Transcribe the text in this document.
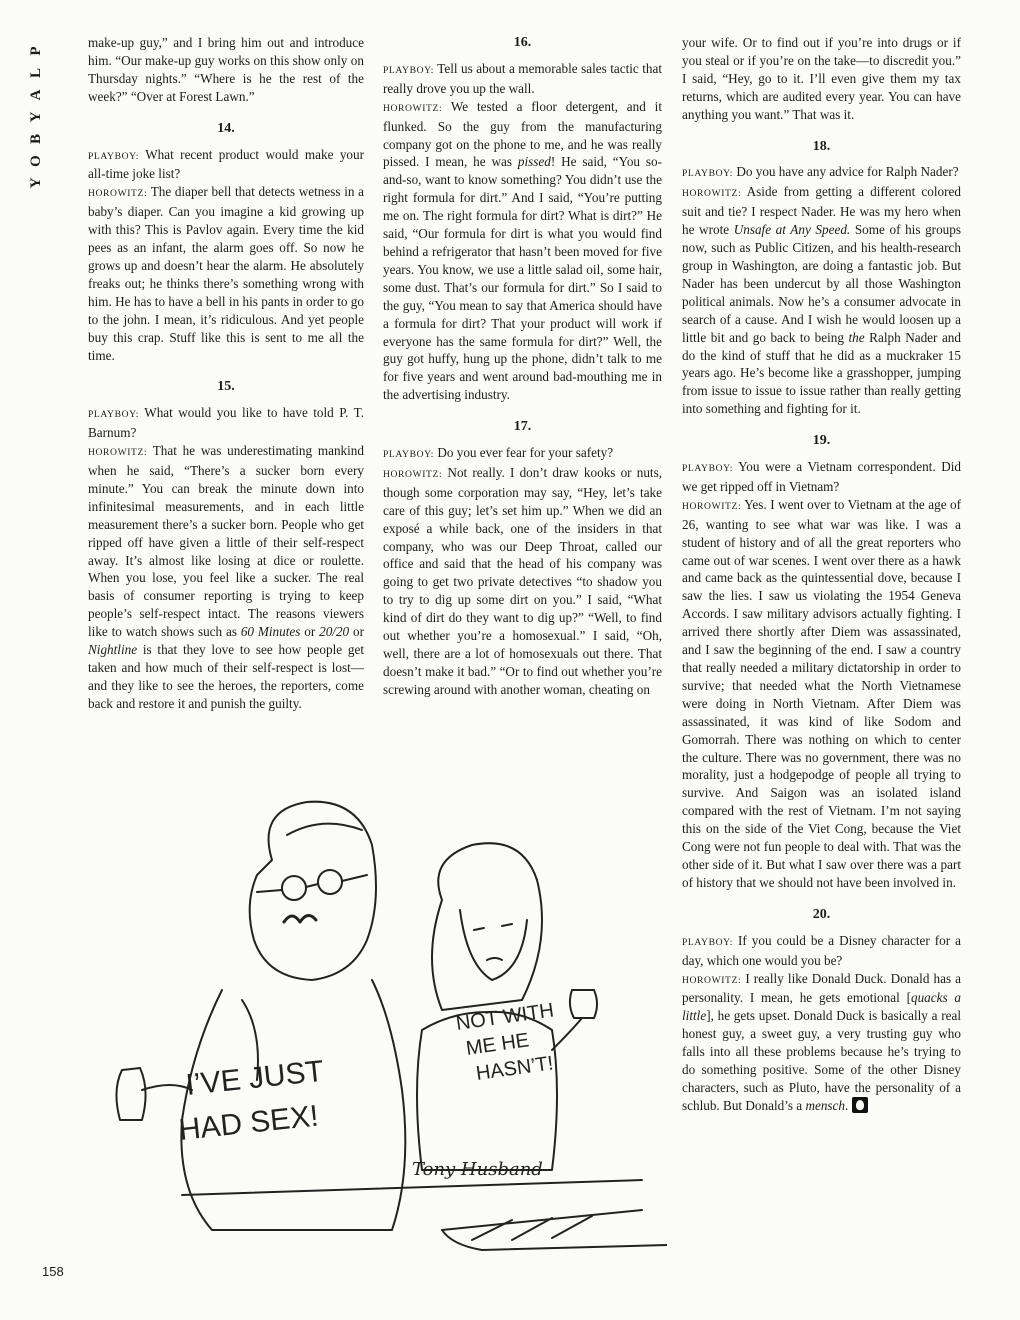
P
L
A
Y
B
O
Y

make-up guy,” and I bring him out and introduce him. “Our make-up guy works on this show only on Thursday nights.” “Where is he the rest of the week?” “Over at Forest Lawn.”

14.

PLAYBOY: What recent product would make your all-time joke list?

HOROWITZ: The diaper bell that detects wetness in a baby’s diaper. Can you imagine a kid growing up with this? This is Pavlov again. Every time the kid pees as an infant, the alarm goes off. So now he grows up and doesn’t hear the alarm. He absolutely freaks out; he thinks there’s something wrong with him. He has to have a bell in his pants in order to go to the john. I mean, it’s ridiculous. And yet people buy this crap. Stuff like this is sent to me all the time.

15.

PLAYBOY: What would you like to have told P. T. Barnum?

HOROWITZ: That he was underestimating mankind when he said, “There’s a sucker born every minute.” You can break the minute down into infinitesimal measurements, and in each little measurement there’s a sucker born. People who get ripped off have given a little of their self-respect away. It’s almost like losing at dice or roulette. When you lose, you feel like a sucker. The real basis of consumer reporting is trying to keep people’s self-respect intact. The reasons viewers like to watch shows such as 60 Minutes or 20/20 or Nightline is that they love to see how people get taken and how much of their self-respect is lost—and they like to see the heroes, the reporters, come back and restore it and punish the guilty.

16.

PLAYBOY: Tell us about a memorable sales tactic that really drove you up the wall.

HOROWITZ: We tested a floor detergent, and it flunked. So the guy from the manufacturing company got on the phone to me, and he was really pissed. I mean, he was pissed! He said, “You so-and-so, want to know something? You didn’t use the right formula for dirt.” And I said, “You’re putting me on. The right formula for dirt? What is dirt?” He said, “Our formula for dirt is what you would find behind a refrigerator that hasn’t been moved for five years. You know, we use a little salad oil, some hair, some dust. That’s our formula for dirt.” So I said to the guy, “You mean to say that America should have a formula for dirt? That your product will work if everyone has the same formula for dirt?” Well, the guy got huffy, hung up the phone, didn’t talk to me for five years and went around bad-mouthing me in the advertising industry.

17.

PLAYBOY: Do you ever fear for your safety?

HOROWITZ: Not really. I don’t draw kooks or nuts, though some corporation may say, “Hey, let’s take care of this guy; let’s set him up.” When we did an exposé a while back, one of the insiders in that company, who was our Deep Throat, called our office and said that the head of his company was going to get two private detectives “to shadow you to try to dig up some dirt on you.” I said, “What kind of dirt do they want to dig up?” “Well, to find out whether you’re a homosexual.” I said, “Oh, well, there are a lot of homosexuals out there. That doesn’t make it bad.” “Or to find out whether you’re screwing around with another woman, cheating on

your wife. Or to find out if you’re into drugs or if you steal or if you’re on the take—to discredit you.” I said, “Hey, go to it. I’ll even give them my tax returns, which are audited every year. You can have anything you want.” That was it.

18.

PLAYBOY: Do you have any advice for Ralph Nader?

HOROWITZ: Aside from getting a different colored suit and tie? I respect Nader. He was my hero when he wrote Unsafe at Any Speed. Some of his groups now, such as Public Citizen, and his health-research group in Washington, are doing a fantastic job. But Nader has been undercut by all those Washington political animals. Now he’s a consumer advocate in search of a cause. And I wish he would loosen up a little bit and go back to being the Ralph Nader and do the kind of stuff that he did as a muckraker 15 years ago. He’s become like a grasshopper, jumping from issue to issue to issue rather than really getting into something and fighting for it.

19.

PLAYBOY: You were a Vietnam correspondent. Did we get ripped off in Vietnam?

HOROWITZ: Yes. I went over to Vietnam at the age of 26, wanting to see what war was like. I was a student of history and of all the great reporters who came out of war scenes. I went over there as a hawk and came back as the quintessential dove, because I saw the lies. I saw us violating the 1954 Geneva Accords. I saw military advisors actually fighting. I arrived there shortly after Diem was assassinated, and I saw the beginning of the end. I saw a country that really needed a military dictatorship in order to survive; that needed what the North Vietnamese were doing in North Vietnam. After Diem was assassinated, it was kind of like Sodom and Gomorrah. There was nothing on which to center the culture. There was no government, there was no morality, just a hodgepodge of people all trying to survive. And Saigon was an isolated island compared with the rest of Vietnam. I’m not saying this on the side of the Viet Cong, because the Viet Cong were not fun people to deal with. That was the other side of it. But what I saw over there was a part of history that we should not have been involved in.

20.

PLAYBOY: If you could be a Disney character for a day, which one would you be?

HOROWITZ: I really like Donald Duck. Donald has a personality. I mean, he gets emotional [quacks a little], he gets upset. Donald Duck is basically a real honest guy, a sweet guy, a very trusting guy who falls into all these problems because he’s trying to do something positive. Some of the other Disney characters, such as Pluto, have the personality of a schlub. But Donald’s a mensch.

I’VE JUST
HAD SEX!
NOT WITH
ME HE
HASN’T!
Tony Husband
158
